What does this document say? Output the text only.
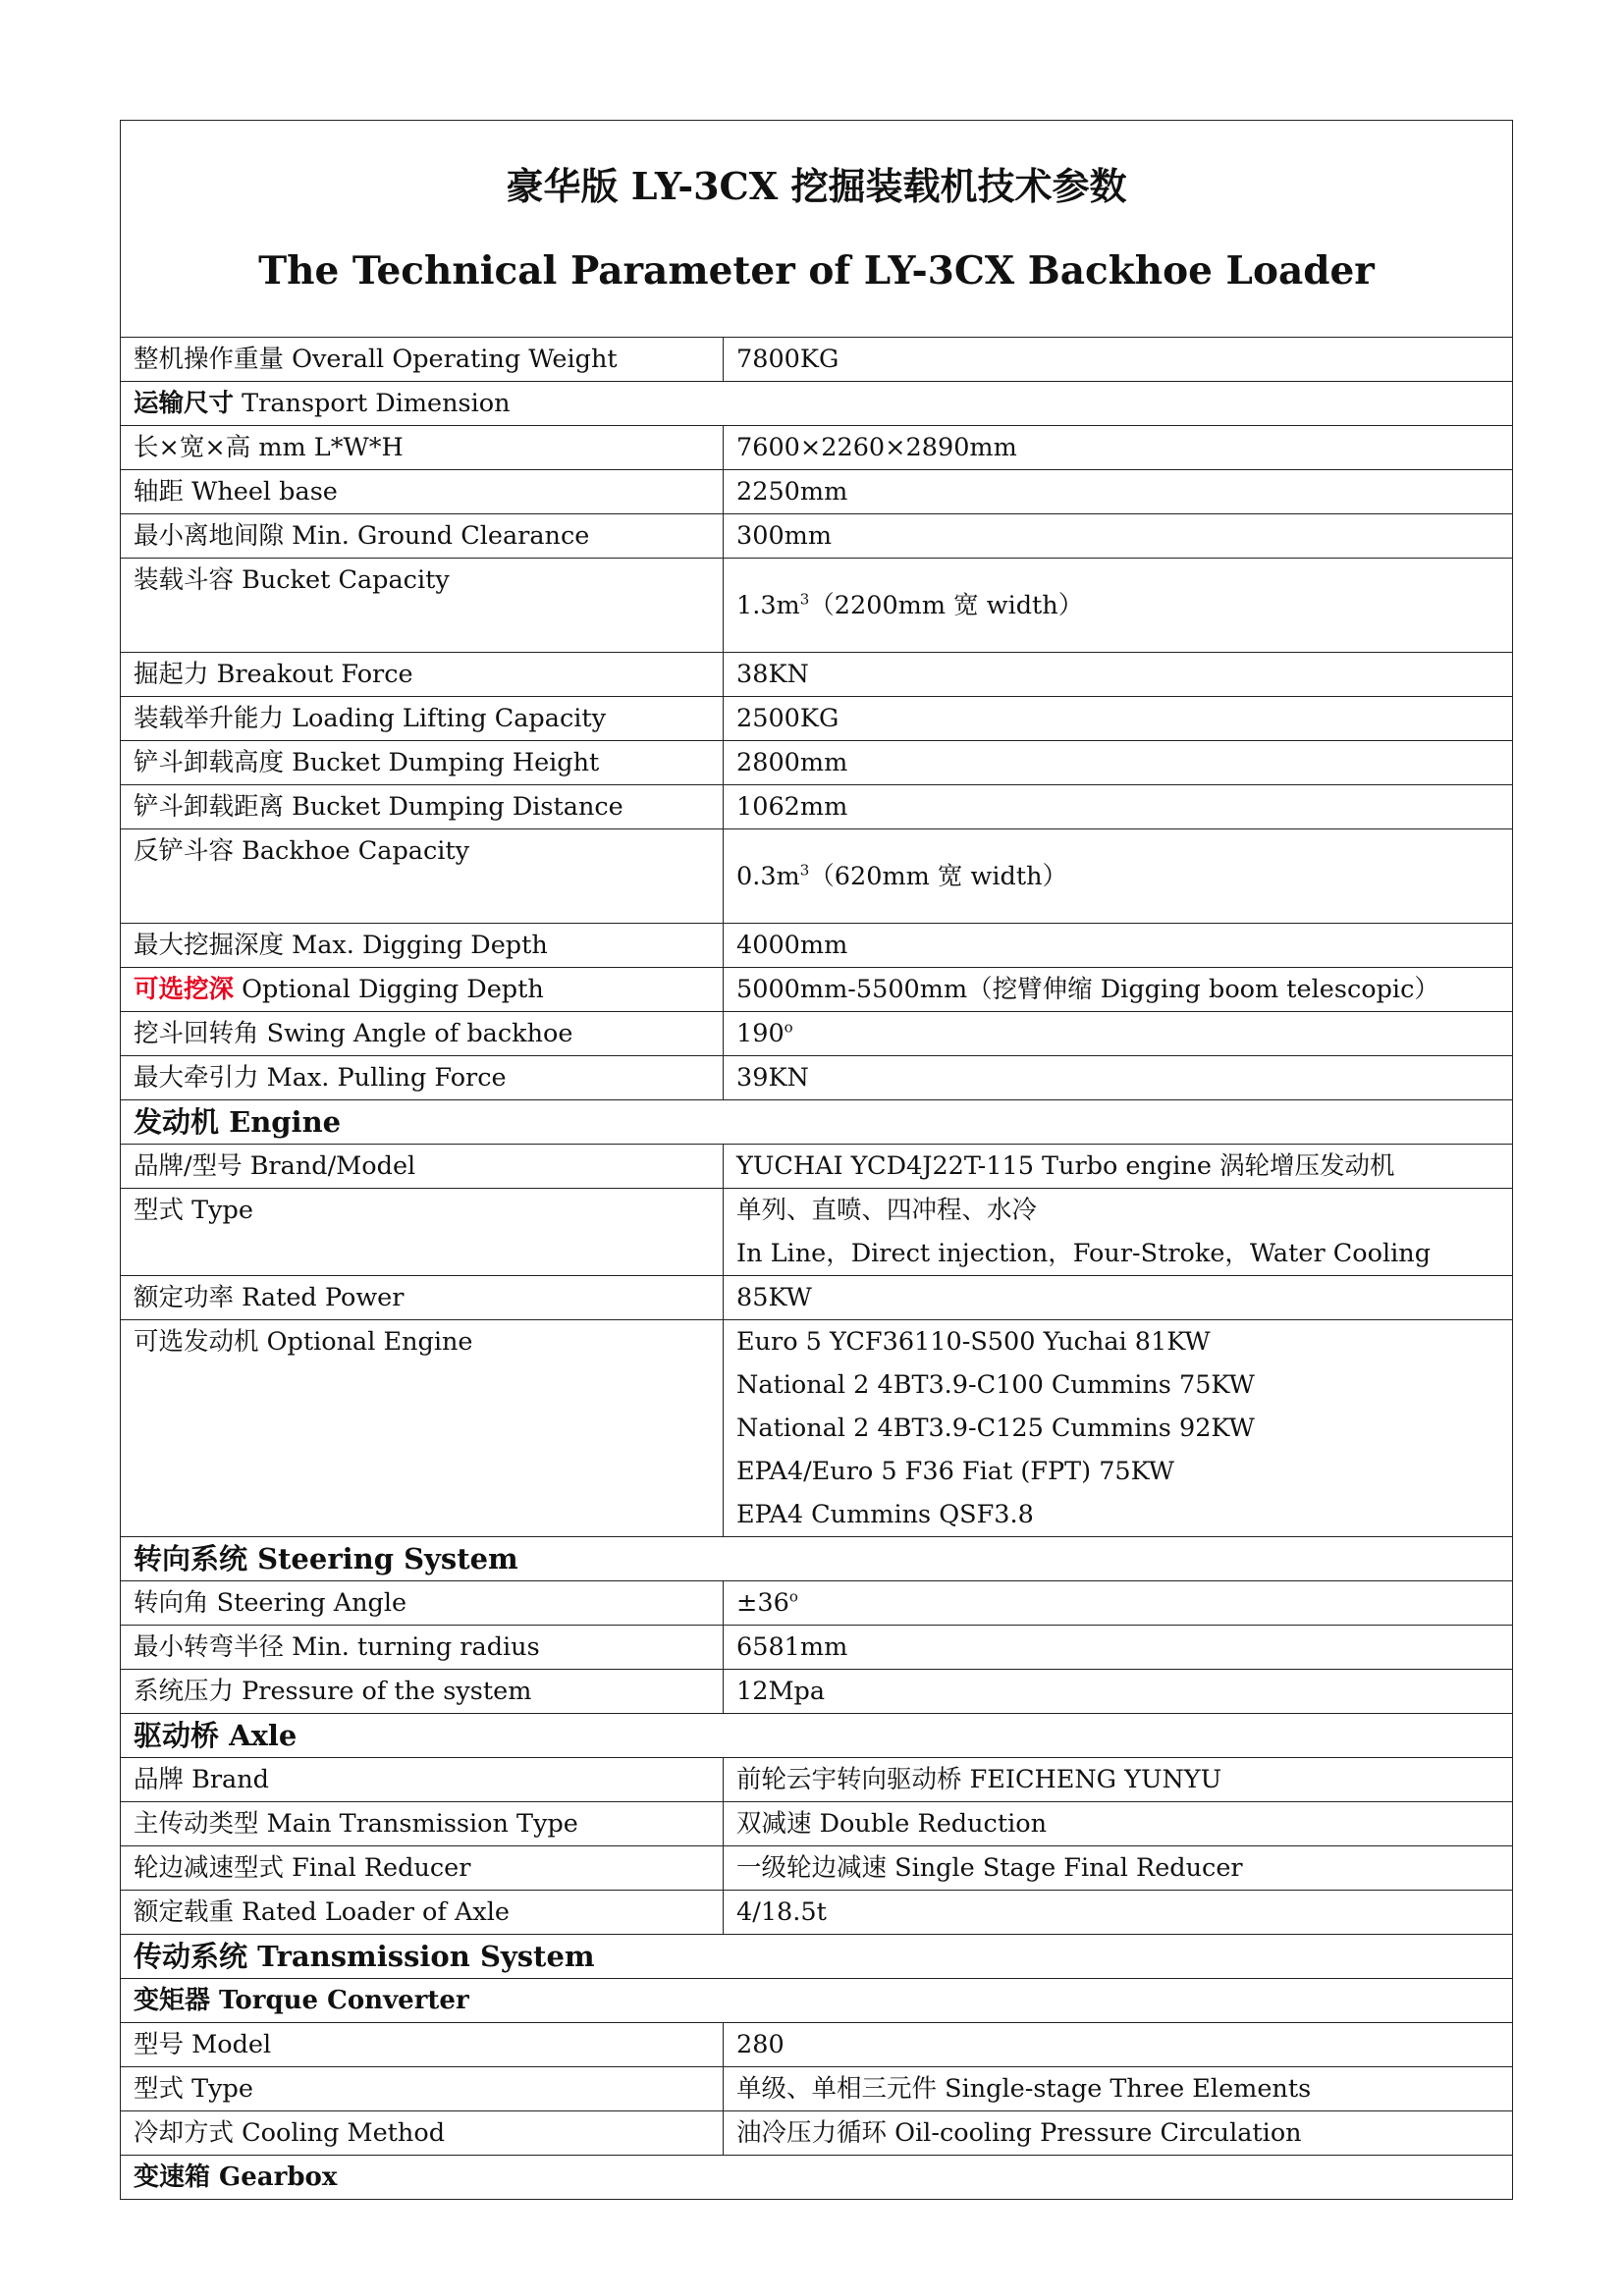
豪华版 LY-3CX 挖掘装载机技术参数
The Technical Parameter of LY-3CX Backhoe Loader	

整机操作重量 Overall Operating Weight	7800KG
运输尺寸 Transport Dimension	
长×宽×高 mm L*W*H	7600×2260×2890mm
轴距 Wheel base	2250mm
最小离地间隙 Min. Ground Clearance	300mm
装载斗容 Bucket Capacity	$1.3m^3(2200mm$ 宽 width）
掘起力 Breakout Force	38KN
装载举升能力 Loading Lifting Capacity	2500KG
铲斗卸载高度 Bucket Dumping Height	2800mm
铲斗卸载距离 Bucket Dumping Distance	1062mm
反铲斗容 Backhoe Capacity	$0.3m^3(620mm$ 宽 width）
最大挖掘深度 Max. Digging Depth	4000mm
可选挖深 Optional Digging Depth	5000mm-5500mm（挖臂伸缩 Digging boom telescopic）
挖斗回转角 Swing Angle of backhoe	190$^o$
最大牵引力 Max. Pulling Force	39KN
发动机 Engine	
品牌/型号 Brand/Model	YUCHAI YCD4J22T-115 Turbo engine 涡轮增压发动机
型式 Type	单列、直喷、四冲程、水冷
In Line，Direct injection，Four-Stroke，Water Cooling

额定功率 Rated Power	85KW
可选发动机 Optional Engine	Euro 5 YCF36110-S500 Yuchai 81KW
National 2 4BT3.9-C100 Cummins 75KW
National 2 4BT3.9-C125 Cummins 92KW
EPA4/Euro 5 F36 Fiat (FPT) 75KW
EPA4 Cummins QSF3.8

转向系统 Steering System	
转向角 Steering Angle	$\pm 36^o$
最小转弯半径 Min. turning radius	6581mm
系统压力 Pressure of the system	12Mpa
驱动桥 Axle	
品牌 Brand	前轮云宇转向驱动桥 FEICHENG YUNYU
主传动类型 Main Transmission Type	双减速 Double Reduction
轮边减速型式 Final Reducer	一级轮边减速 Single Stage Final Reducer
额定载重 Rated Loader of Axle	4/18.5t
传动系统 Transmission System	
变矩器 Torque Converter	
型号 Model	280
型式 Type	单级、单相三元件 Single-stage Three Elements
冷却方式 Cooling Method	油冷压力循环 Oil-cooling Pressure Circulation
变速箱 Gearbox	
